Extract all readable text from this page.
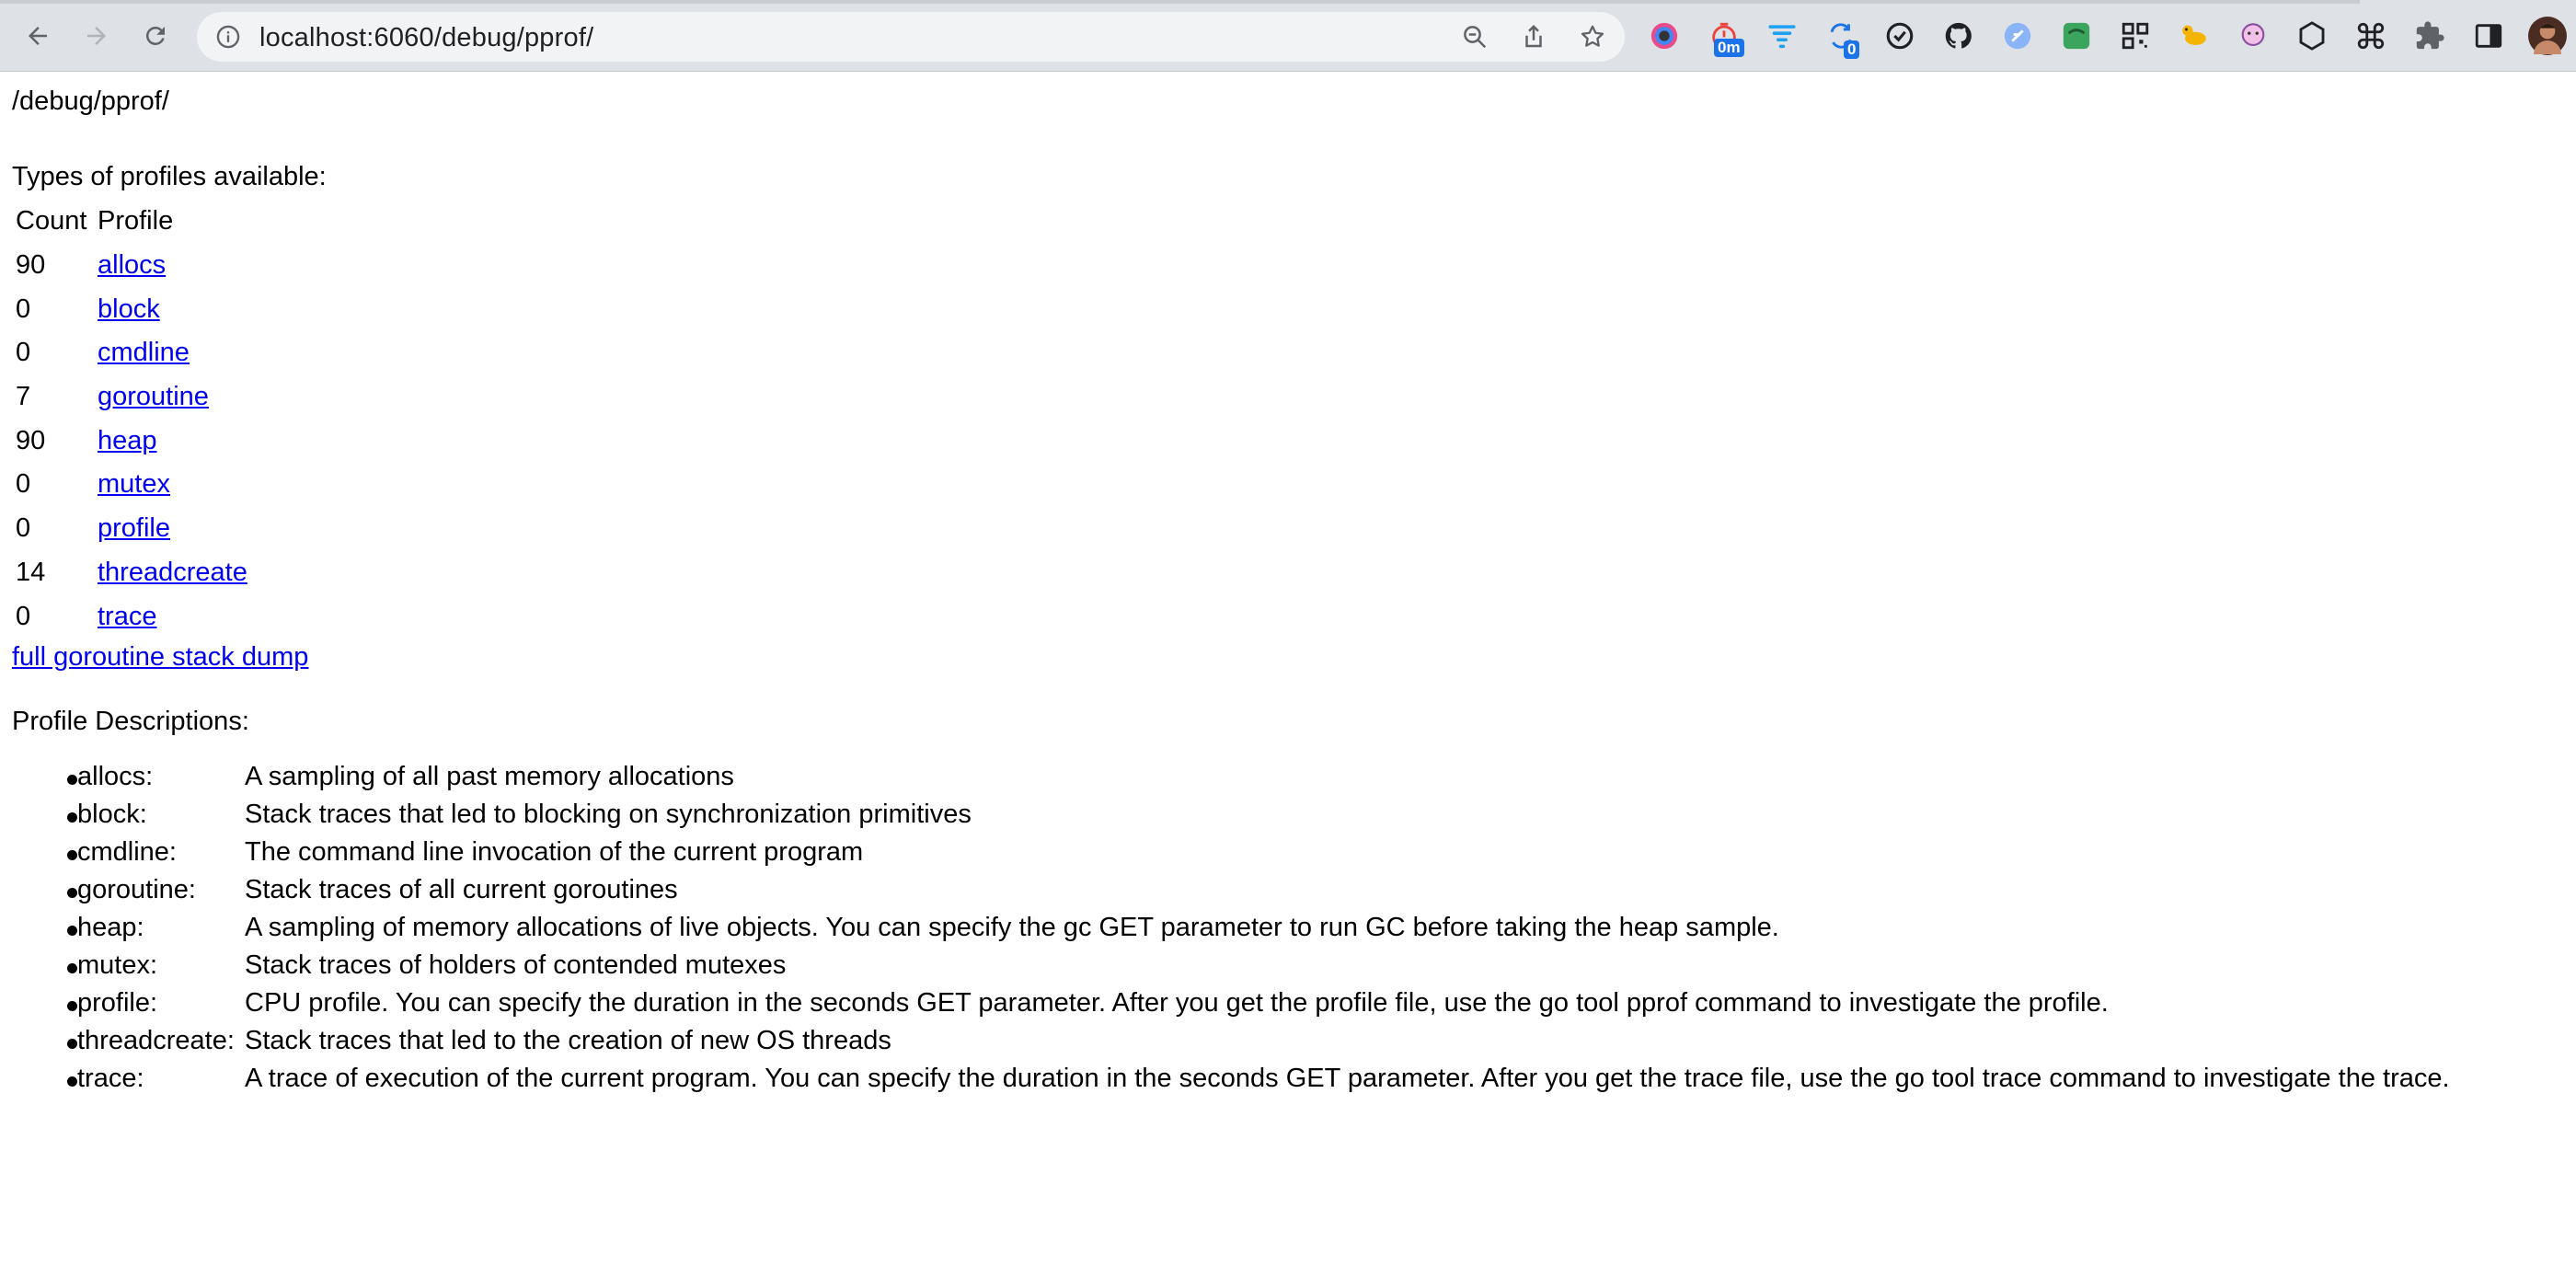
localhost:6060/debug/pprof/	0m	0
/debug/pprof/
Types of profiles available:
Count	Profile
90	allocs
0	block
0	cmdline
7	goroutine
90	heap
0	mutex
0	profile
14	threadcreate
0	trace
full goroutine stack dump
Profile Descriptions:
allocs:	A sampling of all past memory allocations
block:	Stack traces that led to blocking on synchronization primitives
cmdline:	The command line invocation of the current program
goroutine: Stack traces of all current goroutines
heap:	A sampling of memory allocations of live objects. You can specify the gc GET parameter to run GC before taking the heap sample.
mutex:	Stack traces of holders of contended mutexes
profile:	CPU profile. You can specify the duration in the seconds GET parameter. After you get the profile file, use the go tool pprof command to investigate the profile.
threadcreate: Stack traces that led to the creation of new OS threads
trace:	A trace of execution of the current program. You can specify the duration in the seconds GET parameter. After you get the trace file, use the go tool trace command to investigate the trace.
